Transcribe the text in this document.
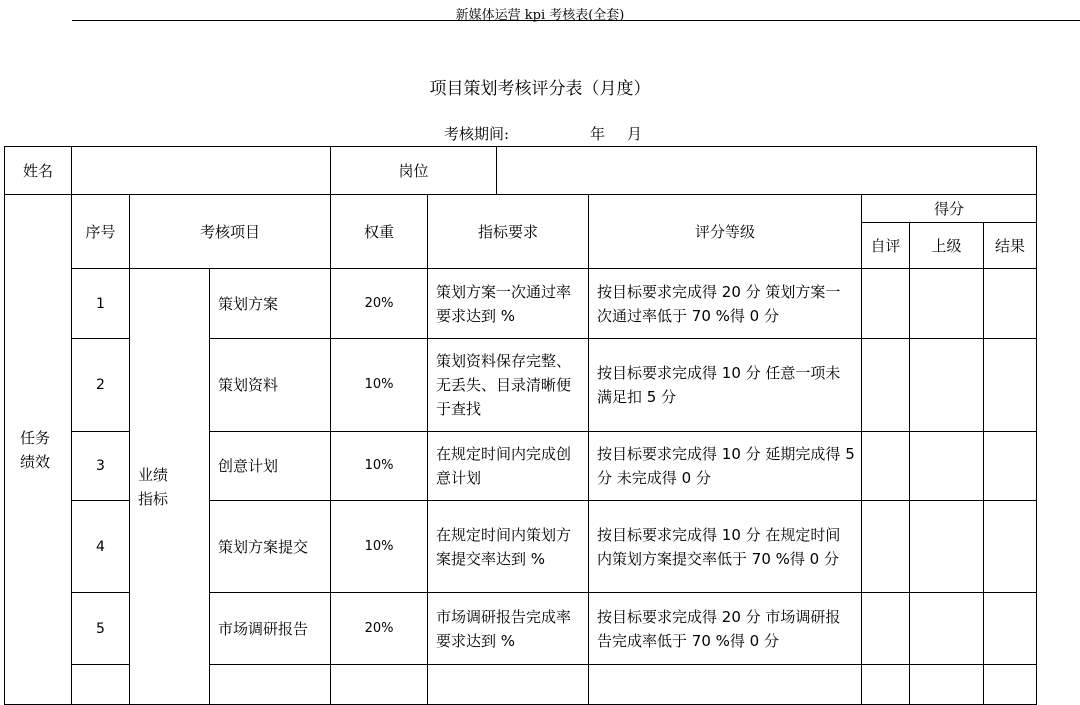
新媒体运营 kpi 考核表(全套)
项目策划考核评分表（月度）
考核期间:	年 月
姓名				岗位						

任务绩效	序号	考核项目		权重	指标要求		评分等级	得分		
								自评	上级	结果
	1	业绩指标	策划方案	20%	策划方案一次通过率要求达到 %		按目标要求完成得 20 分 策划方案一次通过率低于 70 %得 0 分			
	2		策划资料	10%	策划资料保存完整、无丢失、目录清晰便于查找		按目标要求完成得 10 分 任意一项未满足扣 5 分			
	3		创意计划	10%	在规定时间内完成创意计划		按目标要求完成得 10 分 延期完成得 5 分 未完成得 0 分			
	4		策划方案提交	10%	在规定时间内策划方案提交率达到 %		按目标要求完成得 10 分 在规定时间内策划方案提交率低于 70 %得 0 分			
	5		市场调研报告	20%	市场调研报告完成率要求达到 %		按目标要求完成得 20 分 市场调研报告完成率低于 70 %得 0 分			
